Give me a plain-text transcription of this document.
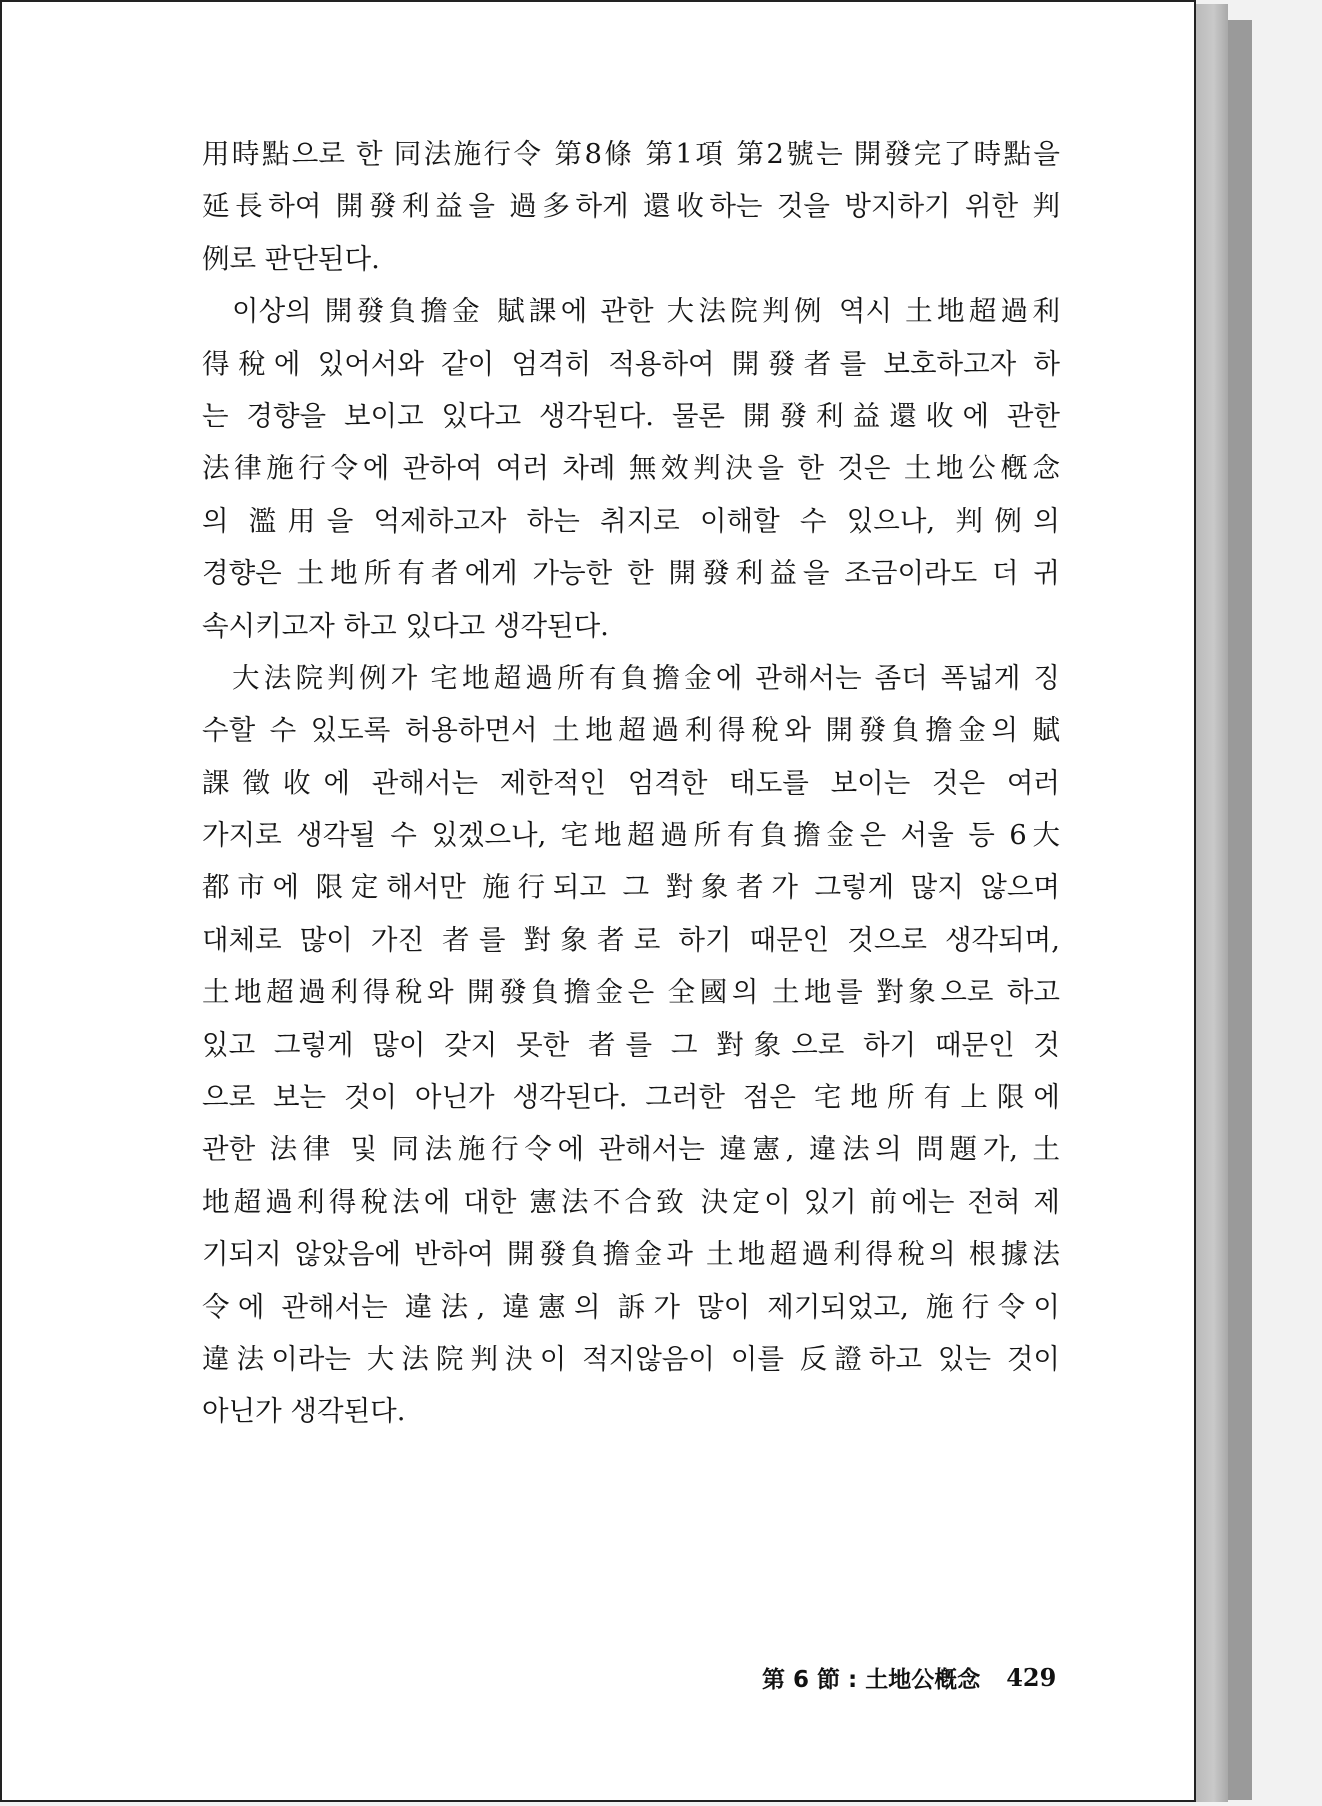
用時點으로 한 同法施行令 第8條 第1項 第2號는 開發完了時點을
延長하여 開發利益을 過多하게 還收하는 것을 방지하기 위한 判
例로 판단된다.
이상의 開發負擔金 賦課에 관한 大法院判例 역시 土地超過利
得稅에 있어서와 같이 엄격히 적용하여 開發者를 보호하고자 하
는 경향을 보이고 있다고 생각된다. 물론 開發利益還收에 관한
法律施行令에 관하여 여러 차례 無效判決을 한 것은 土地公槪念
의 濫用을 억제하고자 하는 취지로 이해할 수 있으나, 判例의
경향은 土地所有者에게 가능한 한 開發利益을 조금이라도 더 귀
속시키고자 하고 있다고 생각된다.
大法院判例가 宅地超過所有負擔金에 관해서는 좀더 폭넓게 징
수할 수 있도록 허용하면서 土地超過利得稅와 開發負擔金의 賦
課徵收에 관해서는 제한적인 엄격한 태도를 보이는 것은 여러
가지로 생각될 수 있겠으나, 宅地超過所有負擔金은 서울 등 6大
都市에 限定해서만 施行되고 그 對象者가 그렇게 많지 않으며
대체로 많이 가진 者를 對象者로 하기 때문인 것으로 생각되며,
土地超過利得稅와 開發負擔金은 全國의 土地를 對象으로 하고
있고 그렇게 많이 갖지 못한 者를 그 對象으로 하기 때문인 것
으로 보는 것이 아닌가 생각된다. 그러한 점은 宅地所有上限에
관한 法律 및 同法施行令에 관해서는 違憲, 違法의 問題가, 土
地超過利得稅法에 대한 憲法不合致 決定이 있기 前에는 전혀 제
기되지 않았음에 반하여 開發負擔金과 土地超過利得稅의 根據法
令에 관해서는 違法, 違憲의 訴가 많이 제기되었고, 施行令이
違法이라는 大法院判決이 적지않음이 이를 反證하고 있는 것이
아닌가 생각된다.
第 6 節 : 土地公槪念 429
